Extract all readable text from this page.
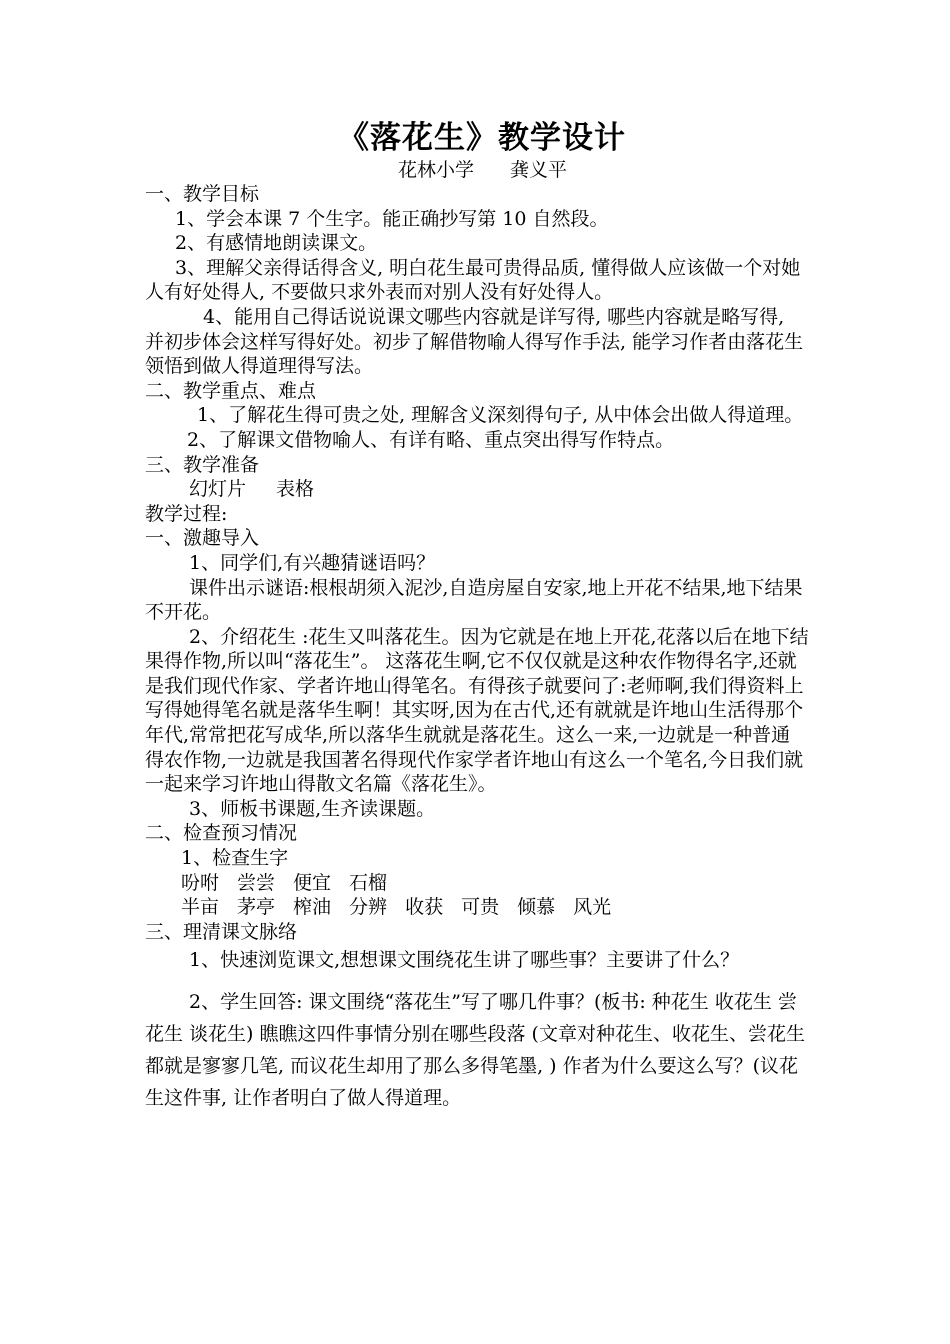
《落花生》教学设计
花林小学 龚义平

一、教学目标

1、学会本课 7 个生字。能正确抄写第 10 自然段。

2、有感情地朗读课文。

3、理解父亲得话得含义, 明白花生最可贵得品质, 懂得做人应该做一个对她人有好处得人, 不要做只求外表而对别人没有好处得人。

4、能用自己得话说说课文哪些内容就是详写得, 哪些内容就是略写得, 并初步体会这样写得好处。初步了解借物喻人得写作手法, 能学习作者由落花生领悟到做人得道理得写法。

二、教学重点、难点

1、了解花生得可贵之处, 理解含义深刻得句子, 从中体会出做人得道理。

2、了解课文借物喻人、有详有略、重点突出得写作特点。

三、教学准备

幻灯片 表格

教学过程:

一、激趣导入

1、同学们,有兴趣猜谜语吗？

课件出示谜语:根根胡须入泥沙,自造房屋自安家,地上开花不结果,地下结果不开花。

2、介绍花生 :花生又叫落花生。因为它就是在地上开花,花落以后在地下结果得作物,所以叫“落花生”。 这落花生啊,它不仅仅就是这种农作物得名字,还就是我们现代作家、学者许地山得笔名。有得孩子就要问了:老师啊,我们得资料上写得她得笔名就是落华生啊！其实呀,因为在古代,还有就就是许地山生活得那个年代,常常把花写成华,所以落华生就就是落花生。这么一来,一边就是一种普通得农作物,一边就是我国著名得现代作家学者许地山有这么一个笔名,今日我们就一起来学习许地山得散文名篇《落花生》。

3、师板书课题,生齐读课题。

二、检查预习情况

1、检查生字

吩咐 尝尝 便宜 石榴

半亩 茅亭 榨油 分辨 收获 可贵 倾慕 风光

三、理清课文脉络

1、快速浏览课文,想想课文围绕花生讲了哪些事？主要讲了什么？

2、学生回答: 课文围绕“落花生”写了哪几件事？(板书: 种花生 收花生 尝花生 谈花生) 瞧瞧这四件事情分别在哪些段落 (文章对种花生、收花生、尝花生都就是寥寥几笔, 而议花生却用了那么多得笔墨, ) 作者为什么要这么写？(议花生这件事, 让作者明白了做人得道理。
